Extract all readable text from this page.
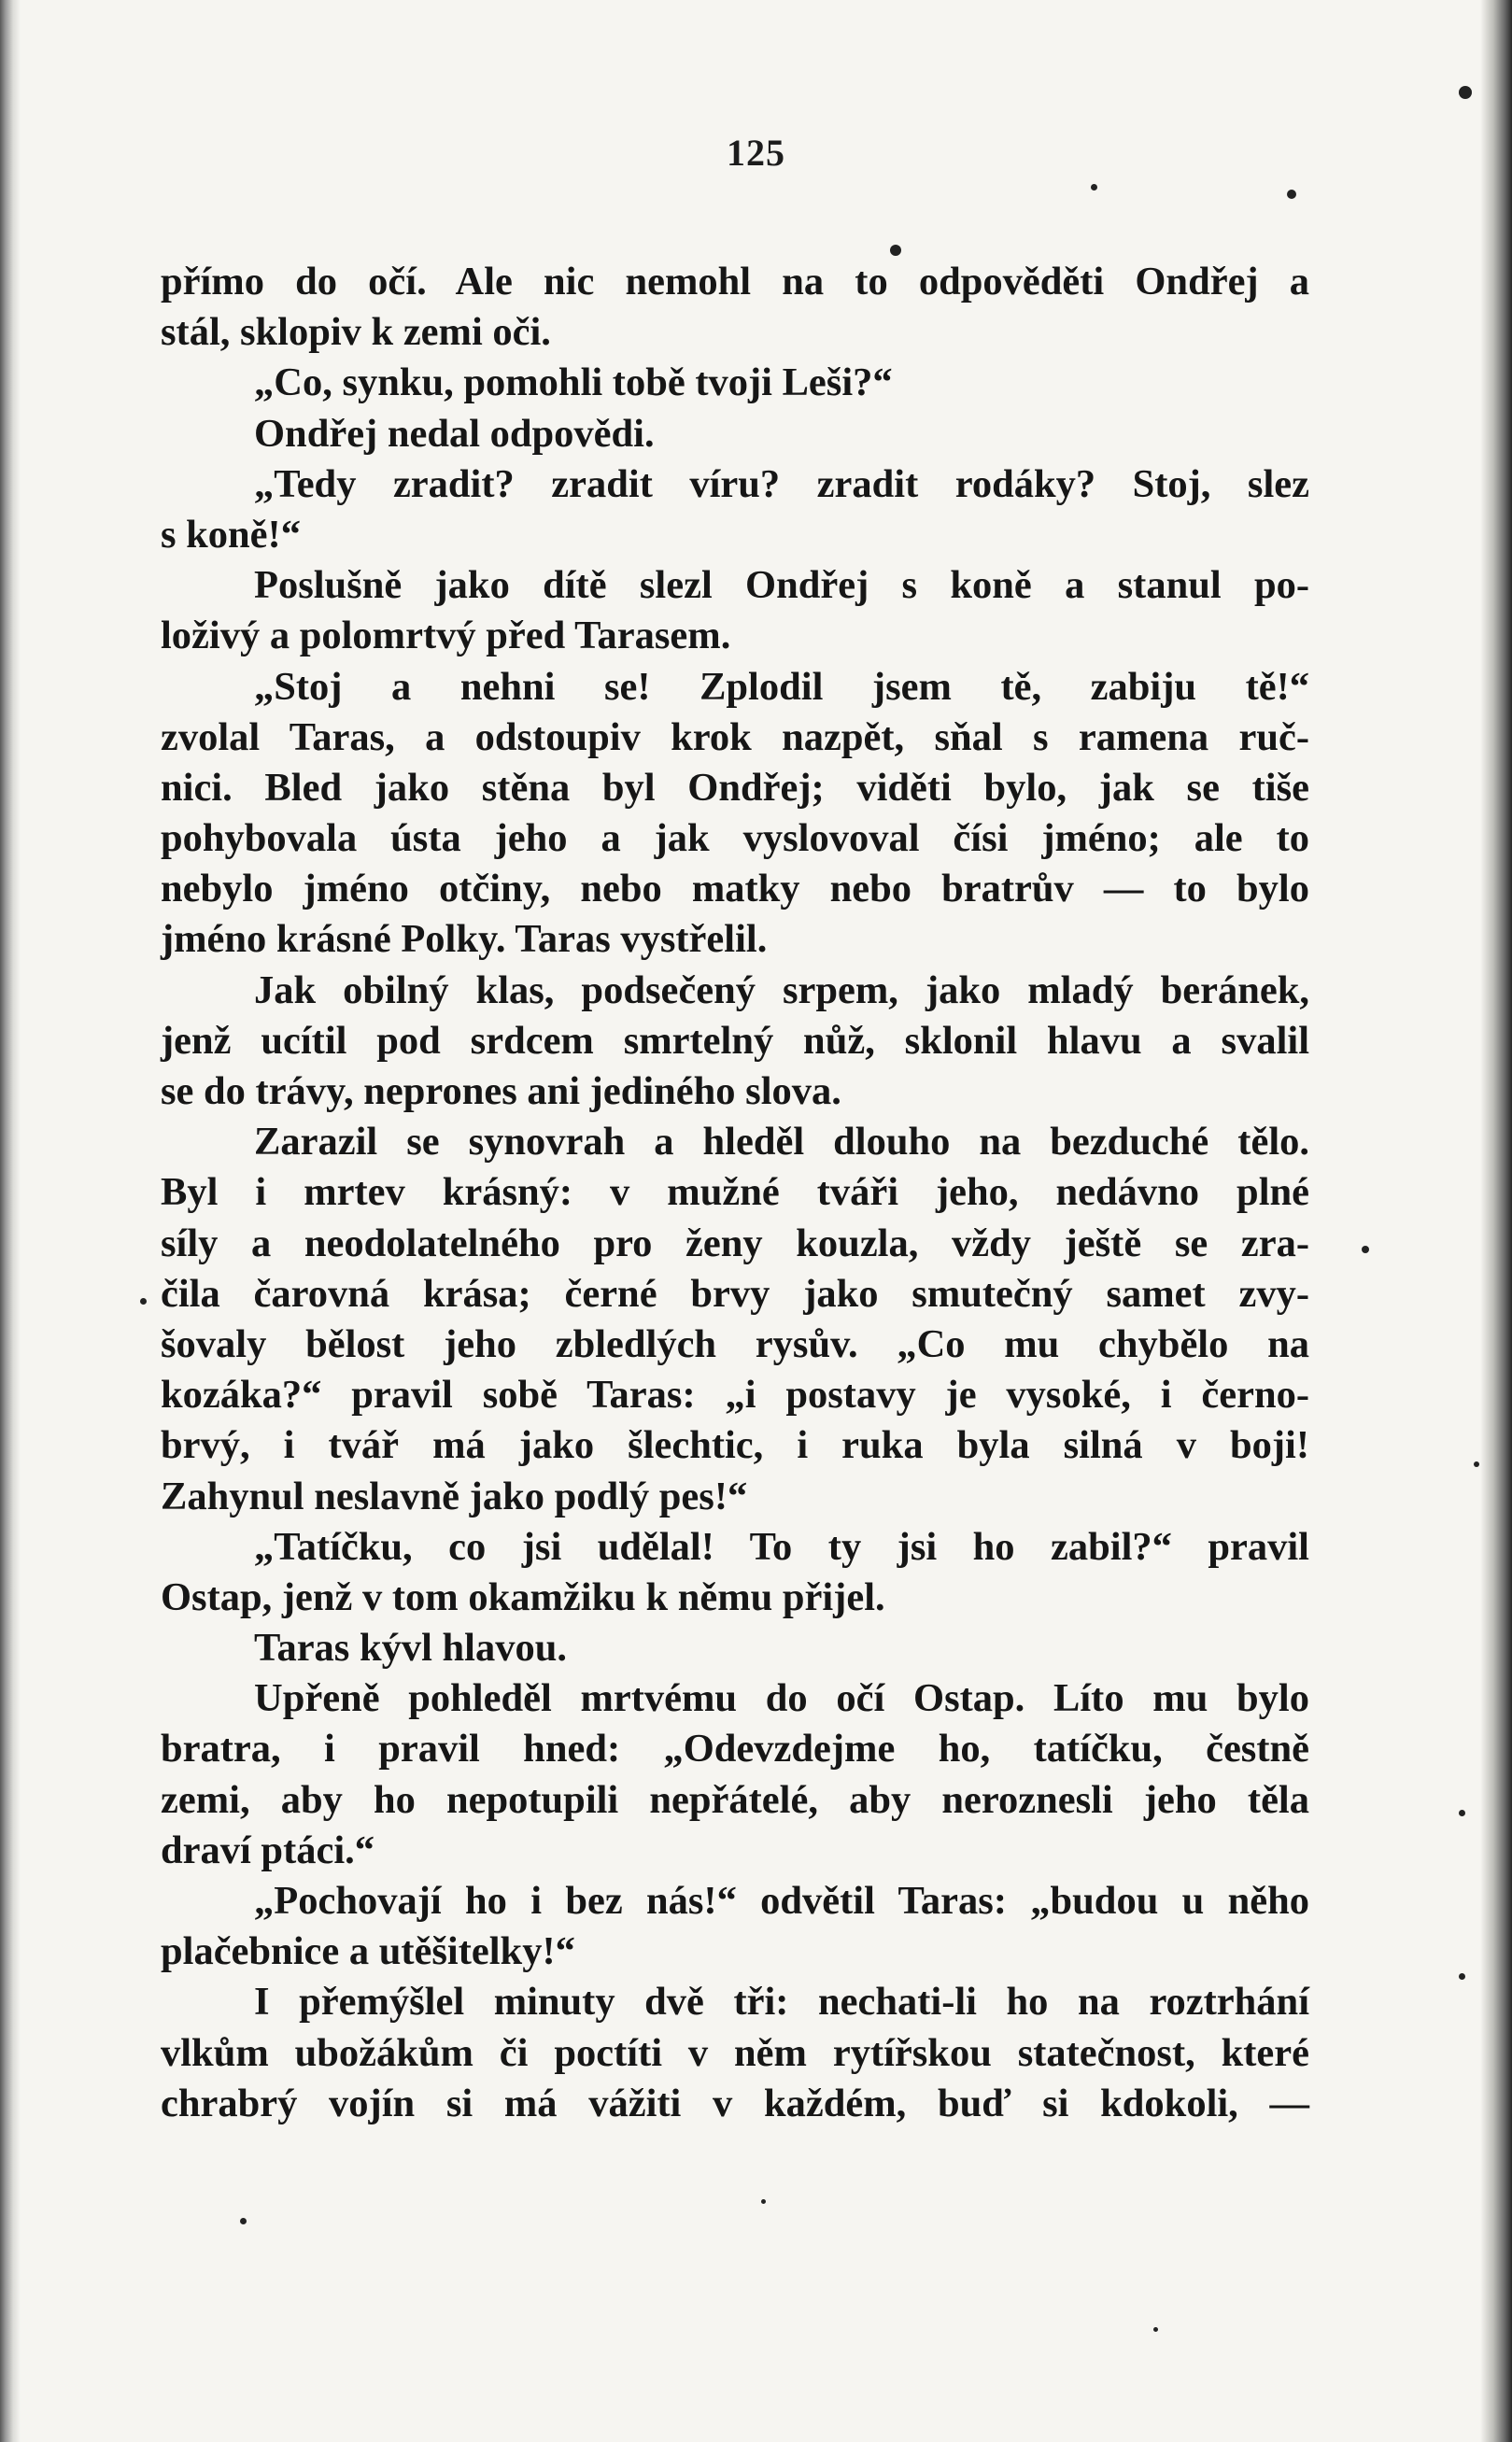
125
přímo do očí. Ale nic nemohl na to odpověděti Ondřej a
stál, sklopiv k zemi oči.
„Co, synku, pomohli tobě tvoji Leši?“
Ondřej nedal odpovědi.
„Tedy zradit? zradit víru? zradit rodáky? Stoj, slez
s koně!“
Poslušně jako dítě slezl Ondřej s koně a stanul po-
loživý a polomrtvý před Tarasem.
„Stoj a nehni se! Zplodil jsem tě, zabiju tě!“
zvolal Taras, a odstoupiv krok nazpět, sňal s ramena ruč-
nici. Bled jako stěna byl Ondřej; viděti bylo, jak se tiše
pohybovala ústa jeho a jak vyslovoval čísi jméno; ale to
nebylo jméno otčiny, nebo matky nebo bratrův — to bylo
jméno krásné Polky. Taras vystřelil.
Jak obilný klas, podsečený srpem, jako mladý beránek,
jenž ucítil pod srdcem smrtelný nůž, sklonil hlavu a svalil
se do trávy, neprones ani jediného slova.
Zarazil se synovrah a hleděl dlouho na bezduché tělo.
Byl i mrtev krásný: v mužné tváři jeho, nedávno plné
síly a neodolatelného pro ženy kouzla, vždy ještě se zra-
čila čarovná krása; černé brvy jako smutečný samet zvy-
šovaly bělost jeho zbledlých rysův. „Co mu chybělo na
kozáka?“ pravil sobě Taras: „i postavy je vysoké, i černo-
brvý, i tvář má jako šlechtic, i ruka byla silná v boji!
Zahynul neslavně jako podlý pes!“
„Tatíčku, co jsi udělal! To ty jsi ho zabil?“ pravil
Ostap, jenž v tom okamžiku k němu přijel.
Taras kývl hlavou.
Upřeně pohleděl mrtvému do očí Ostap. Líto mu bylo
bratra, i pravil hned: „Odevzdejme ho, tatíčku, čestně
zemi, aby ho nepotupili nepřátelé, aby neroznesli jeho těla
draví ptáci.“
„Pochovají ho i bez nás!“ odvětil Taras: „budou u něho
plačebnice a utěšitelky!“
I přemýšlel minuty dvě tři: nechati-li ho na roztrhání
vlkům ubožákům či poctíti v něm rytířskou statečnost, které
chrabrý vojín si má vážiti v každém, buď si kdokoli, —
